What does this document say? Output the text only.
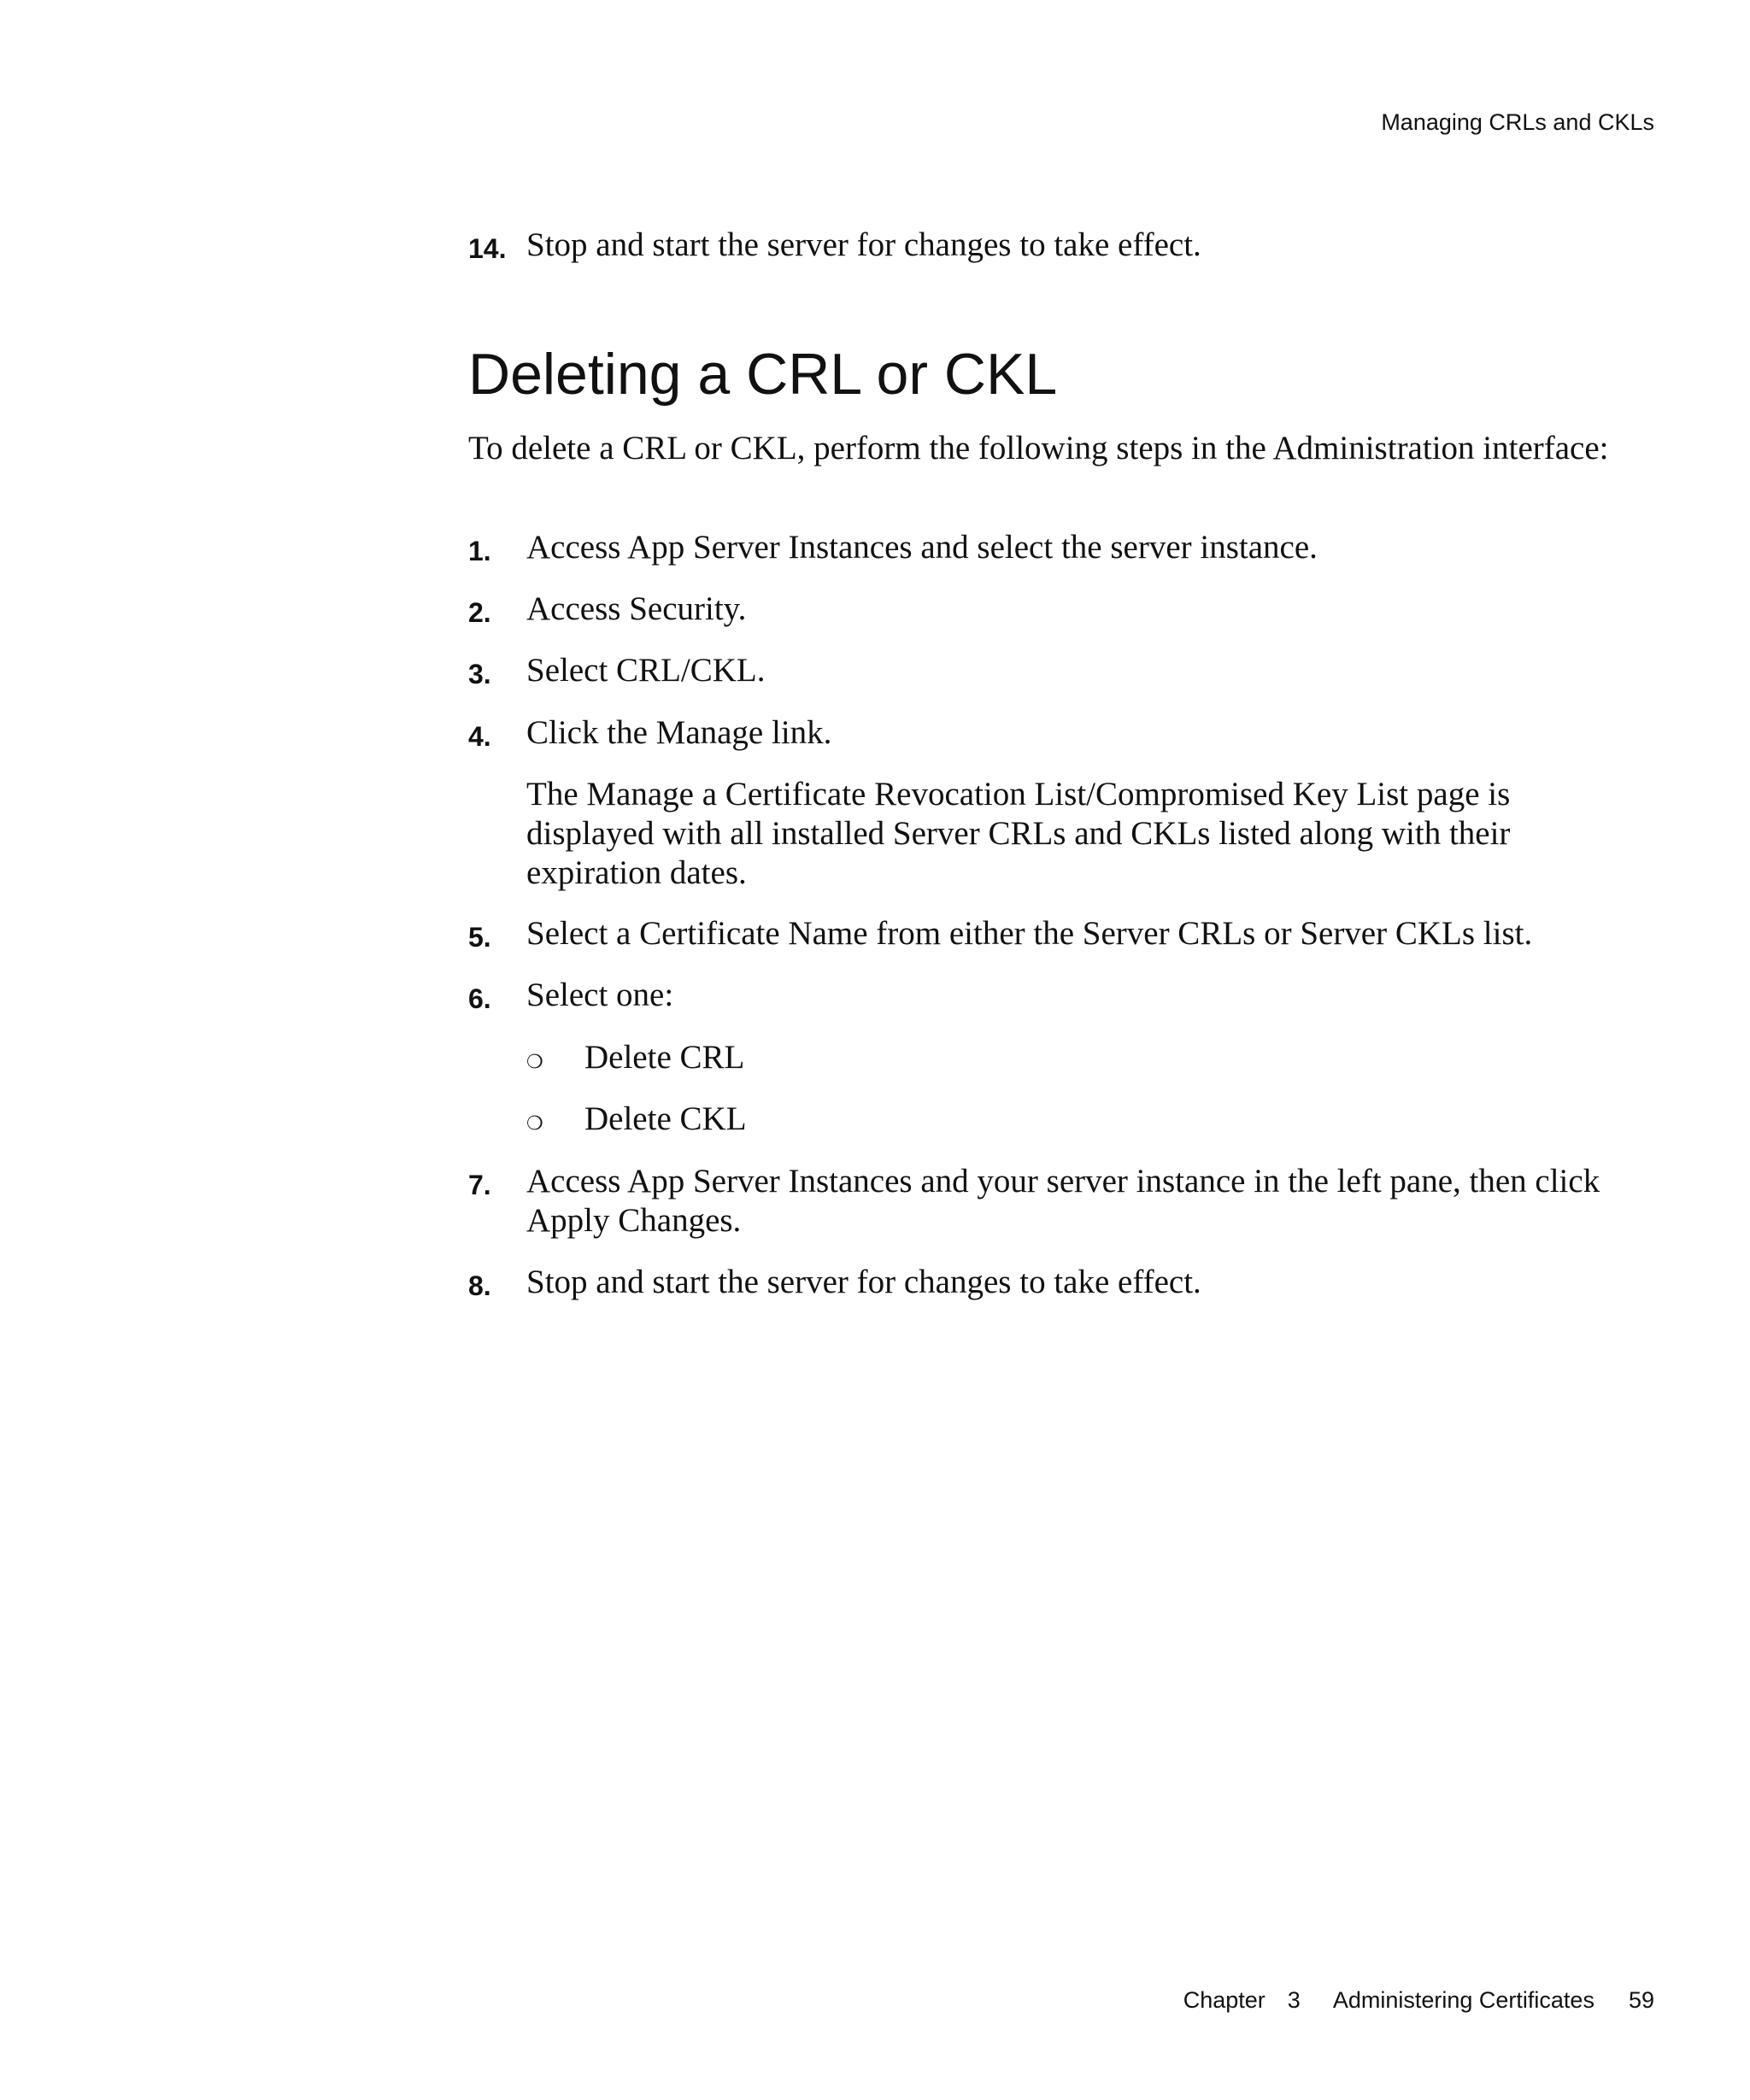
Managing CRLs and CKLs
14. Stop and start the server for changes to take effect.
Deleting a CRL or CKL
To delete a CRL or CKL, perform the following steps in the Administration interface:
1. Access App Server Instances and select the server instance.
2. Access Security.
3. Select CRL/CKL.
4. Click the Manage link.
The Manage a Certificate Revocation List/Compromised Key List page is displayed with all installed Server CRLs and CKLs listed along with their expiration dates.
5. Select a Certificate Name from either the Server CRLs or Server CKLs list.
6. Select one:
❍ Delete CRL
❍ Delete CKL
7. Access App Server Instances and your server instance in the left pane, then click Apply Changes.
8. Stop and start the server for changes to take effect.
Chapter 3 Administering Certificates 59
